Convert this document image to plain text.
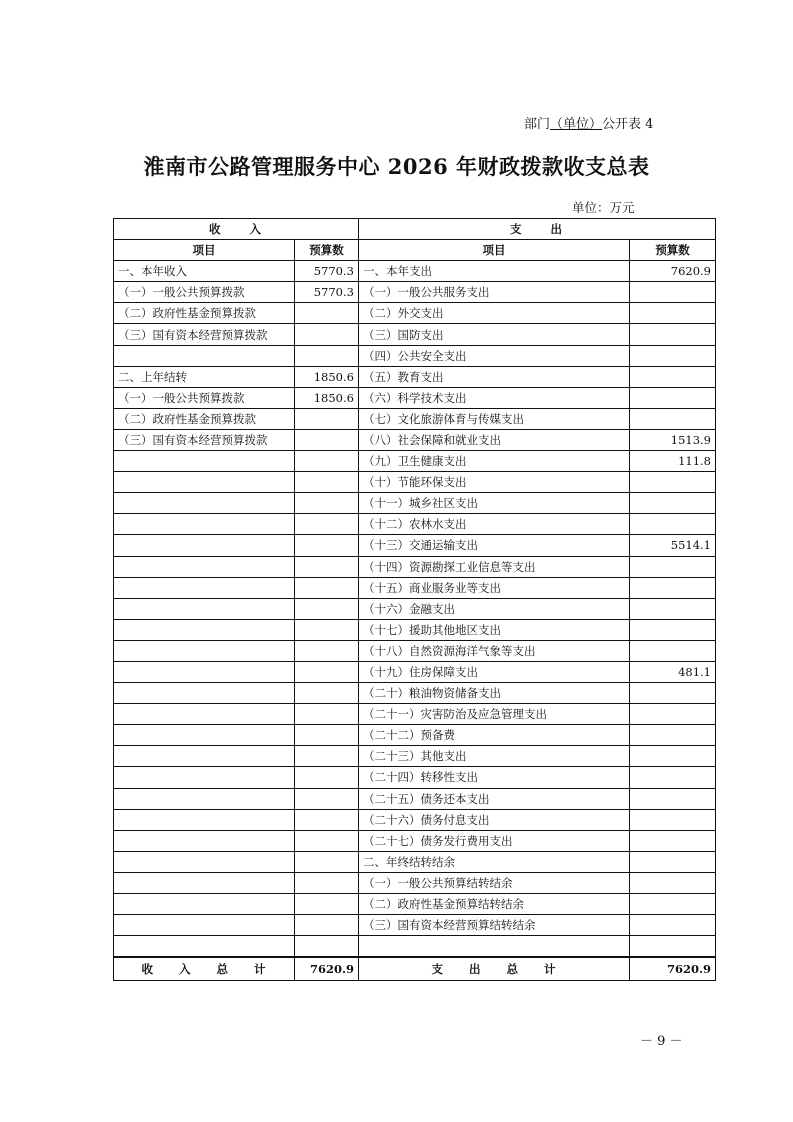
部门（单位）公开表 4
淮南市公路管理服务中心 2026 年财政拨款收支总表
单位：万元
收　　入		支　　出	
项目	预算数	项目	预算数
一、本年收入	5770.3	一、本年支出	7620.9
（一）一般公共预算拨款	5770.3	（一）一般公共服务支出	
（二）政府性基金预算拨款		（二）外交支出	
（三）国有资本经营预算拨款		（三）国防支出	
		（四）公共安全支出	
二、上年结转	1850.6	（五）教育支出	
（一）一般公共预算拨款	1850.6	（六）科学技术支出	
（二）政府性基金预算拨款		（七）文化旅游体育与传媒支出	
（三）国有资本经营预算拨款		（八）社会保障和就业支出	1513.9
		（九）卫生健康支出	111.8
		（十）节能环保支出	
		（十一）城乡社区支出	
		（十二）农林水支出	
		（十三）交通运输支出	5514.1
		（十四）资源勘探工业信息等支出	
		（十五）商业服务业等支出	
		（十六）金融支出	
		（十七）援助其他地区支出	
		（十八）自然资源海洋气象等支出	
		（十九）住房保障支出	481.1
		（二十）粮油物资储备支出	
		（二十一）灾害防治及应急管理支出	
		（二十二）预备费	
		（二十三）其他支出	
		（二十四）转移性支出	
		（二十五）债务还本支出	
		（二十六）债务付息支出	
		（二十七）债务发行费用支出	
		二、年终结转结余	
		（一）一般公共预算结转结余	
		（二）政府性基金预算结转结余	
		（三）国有资本经营预算结转结余	

收　　入　　总　　计	7620.9	支　　出　　总　　计	7620.9
－ 9 －
